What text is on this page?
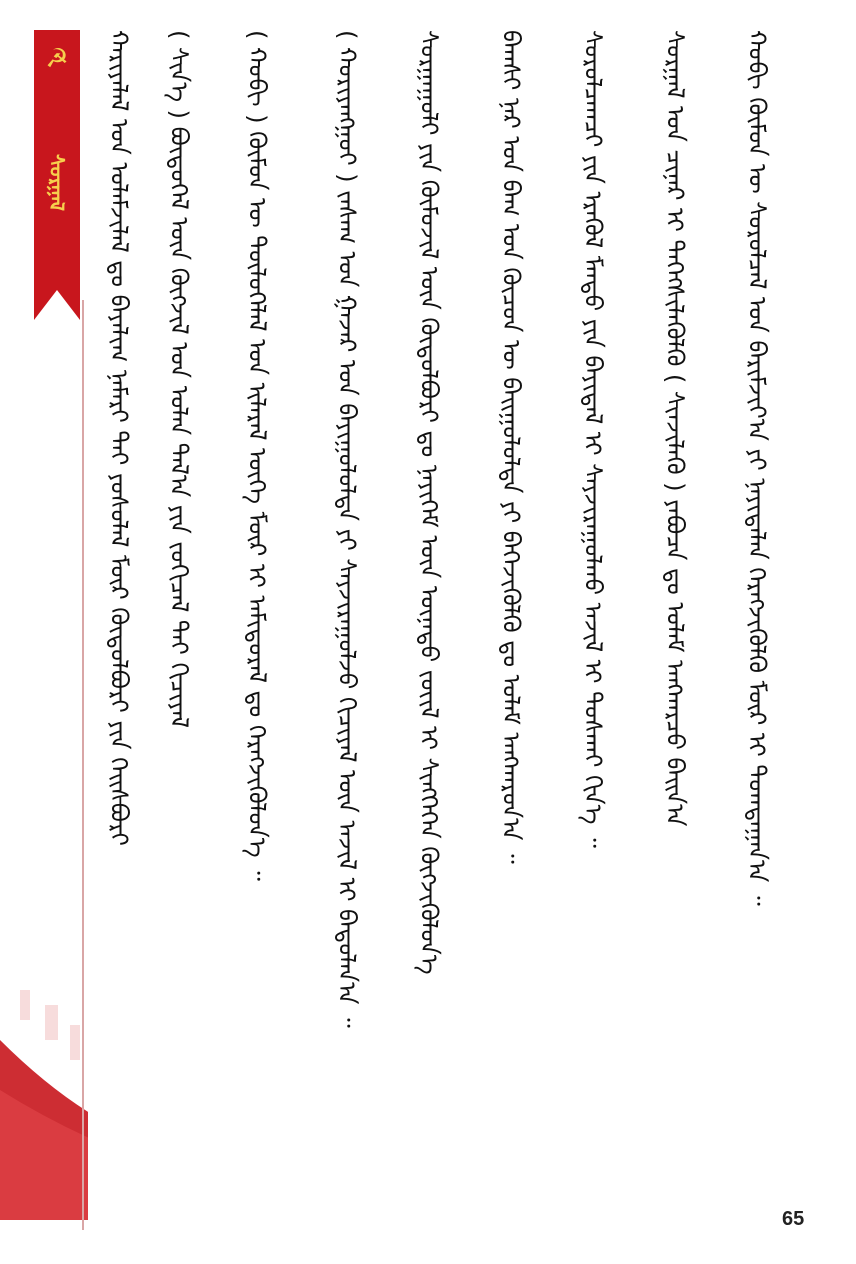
☭
ᠰᠤᠷᠭᠠᠯ ᠬᠠᠷᠢᠶᠠᠯᠠᠯ ᠤᠨ ᠤᠯᠠᠮᠵᠢᠯᠠᠯ ᠳᠤ ᠪᠠᠶᠠᠯᠢᠭ ᠨᠡᠮᠡᠷᠢ ᠲᠡᠢ ᠶᠤᠰᠤᠯᠠᠯ ᠮᠥᠷ ᠬᠥᠲᠦᠯᠪᠦᠷᠢ ᠶᠢᠨ ᠬᠡᠢᠰᠪᠦᠷᠢ ( ᠰᠢᠨ᠎ᠡ ) ᠪᠦᠲᠦᠭᠡᠯ ᠦᠨ ᠬᠥᠭᠵᠢᠯ ᠤᠨ ᠣᠯᠠᠨ ᠲᠠᠯ᠎ᠠ ᠶᠢᠨ ᠵᠤᠬᠢᠴᠠᠯ ᠲᠠᠢ ᠬᠢᠴᠢᠶᠡᠯ ( ᠬᠤᠪᠢ ) ᠬᠦᠮᠦᠨ ᠦ ᠲᠥᠯᠦᠭᠡᠯᠡᠯ ᠤᠨ ᠢᠯᠡᠷᠡᠯ ᠦᠭᠡ ᠮᠥᠷ ᠢ ᠠᠮᠢᠳᠤᠷᠠᠯ ᠳᠤ ᠬᠡᠷᠡᠭᠵᠢᠭᠦᠯᠦᠨ᠎ᠡ ᠃	( ᠬᠤᠷᠢᠶᠠᠩᠭᠤᠢ ) ᠵᠠᠰᠠᠭ ᠤᠨ ᠭᠠᠵᠠᠷ ᠤᠨ ᠪᠠᠶᠢᠭᠤᠯᠤᠯᠲᠠ ᠶᠢ ᠰᠠᠶᠵᠢᠷᠠᠭᠤᠯᠵᠤ ᠬᠢᠴᠢᠶᠡᠯ ᠦᠨ ᠠᠵᠢᠯ ᠢ ᠪᠠᠲᠤᠯᠠᠨ᠎ᠠ ᠃ ᠰᠤᠷᠭᠠᠭᠤᠯᠢ ᠶᠢᠨ ᠬᠦᠮᠦᠵᠢᠯ ᠦᠨ ᠬᠥᠲᠦᠯᠪᠦᠷᠢ ᠳᠤ ᠨᠡᠶᠢᠭᠡᠮ ᠦᠨ ᠦᠨᠡᠲᠦ ᠵᠦᠢᠯ ᠢ ᠰᠢᠩᠭᠡᠭᠡᠨ ᠬᠥᠭᠵᠢᠭᠦᠯᠦᠨ᠎ᠡ ᠪᠠᠭᠰᠢ ᠨᠠᠷ ᠤᠨ ᠪᠠᠭ ᠤᠨ ᠬᠦᠴᠦᠨ ᠦ ᠪᠠᠢᠭᠤᠯᠤᠯᠲᠠ ᠶᠢ ᠪᠡᠬᠡᠵᠢᠭᠦᠯᠬᠦ ᠳᠤ ᠤᠯᠠᠮ ᠠᠩᠬᠠᠷᠤᠨ᠎ᠠ ᠃ ᠰᠤᠷᠤᠯᠴᠠᠭᠴᠢ ᠶᠢᠨ ᠡᠷᠡᠭᠦᠯ ᠮᠡᠨᠳᠦ ᠶᠢᠨ ᠪᠠᠶᠢᠳᠠᠯ ᠢ ᠰᠠᠶᠵᠢᠷᠠᠭᠤᠯᠬᠤ ᠠᠵᠢᠯ ᠢ ᠲᠤᠰᠬᠠᠶ ᠬᠢᠨ᠎ᠡ ᠃ ᠰᠤᠷᠭᠠᠯ ᠤᠨ ᠴᠢᠨᠠᠷ ᠢ ᠳᠡᠭᠡᠭᠰᠢᠯᠡᠭᠦᠯᠬᠦ ( ᠰᠢᠨᠵᠢᠯᠡᠬᠦ ) ᠶᠠᠪᠤᠴᠠ ᠳᠤ ᠤᠯᠠᠮ ᠠᠩᠬᠠᠷᠴᠤ ᠪᠠᠢᠨ᠎ᠠ ᠬᠤᠪᠢ ᠬᠦᠮᠦᠨ ᠦ ᠰᠤᠷᠤᠯᠴᠠᠯ ᠤᠨ ᠪᠠᠷᠢᠮᠵᠢᠶ᠎ᠠ ᠶᠢ ᠨᠡᠶᠢᠲᠡᠯᠡᠨ ᠬᠡᠷᠡᠭᠵᠢᠭᠦᠯᠬᠦ ᠮᠥᠷ ᠢ ᠲᠣᠭᠲᠠᠭᠠᠨ᠎ᠠ ᠃
65
